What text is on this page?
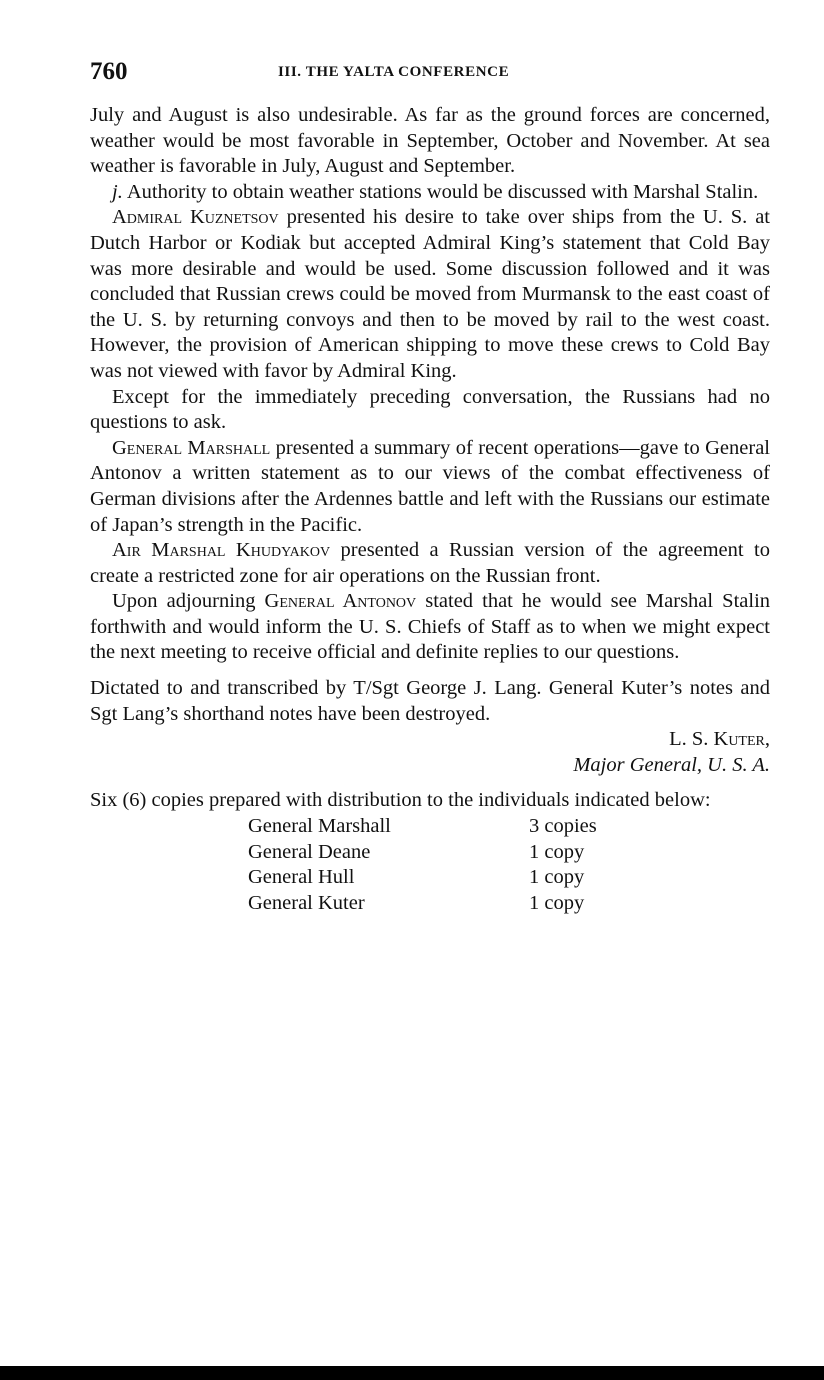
760	III. THE YALTA CONFERENCE

July and August is also undesirable. As far as the ground forces are concerned, weather would be most favorable in September, October and November. At sea weather is favorable in July, August and September.

j. Authority to obtain weather stations would be discussed with Marshal Stalin.

Admiral Kuznetsov presented his desire to take over ships from the U. S. at Dutch Harbor or Kodiak but accepted Admiral King’s statement that Cold Bay was more desirable and would be used. Some discussion followed and it was concluded that Russian crews could be moved from Murmansk to the east coast of the U. S. by returning convoys and then to be moved by rail to the west coast. However, the provision of American shipping to move these crews to Cold Bay was not viewed with favor by Admiral King.

Except for the immediately preceding conversation, the Russians had no questions to ask.

General Marshall presented a summary of recent operations—gave to General Antonov a written statement as to our views of the combat effectiveness of German divisions after the Ardennes battle and left with the Russians our estimate of Japan’s strength in the Pacific.

Air Marshal Khudyakov presented a Russian version of the agreement to create a restricted zone for air operations on the Russian front.

Upon adjourning General Antonov stated that he would see Marshal Stalin forthwith and would inform the U. S. Chiefs of Staff as to when we might expect the next meeting to receive official and definite replies to our questions.

Dictated to and transcribed by T/Sgt George J. Lang. General Kuter’s notes and Sgt Lang’s shorthand notes have been destroyed.

L. S. Kuter,
Major General, U. S. A.

Six (6) copies prepared with distribution to the individuals indicated below:

General Marshall	3 copies
General Deane	1 copy
General Hull	1 copy
General Kuter	1 copy
